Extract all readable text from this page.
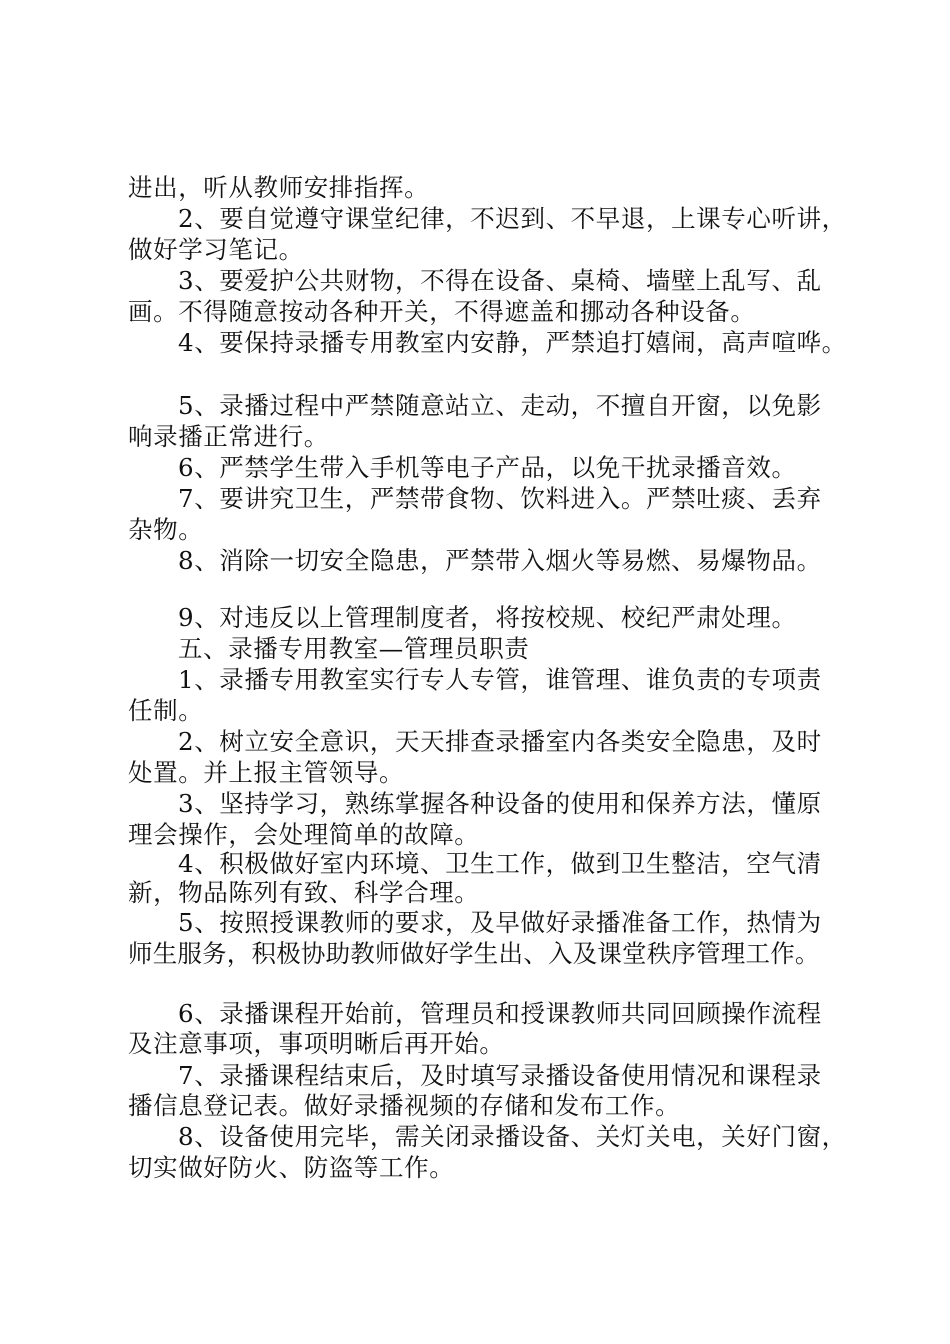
进出，听从教师安排指挥。
2、要自觉遵守课堂纪律，不迟到、不早退，上课专心听讲，
做好学习笔记。
3、要爱护公共财物，不得在设备、桌椅、墙壁上乱写、乱
画。不得随意按动各种开关，不得遮盖和挪动各种设备。
4、要保持录播专用教室内安静，严禁追打嬉闹，高声喧哗。
5、录播过程中严禁随意站立、走动，不擅自开窗，以免影
响录播正常进行。
6、严禁学生带入手机等电子产品，以免干扰录播音效。
7、要讲究卫生，严禁带食物、饮料进入。严禁吐痰、丢弃
杂物。
8、消除一切安全隐患，严禁带入烟火等易燃、易爆物品。
9、对违反以上管理制度者，将按校规、校纪严肃处理。
五、录播专用教室—管理员职责
1、录播专用教室实行专人专管，谁管理、谁负责的专项责
任制。
2、树立安全意识，天天排查录播室内各类安全隐患，及时
处置。并上报主管领导。
3、坚持学习，熟练掌握各种设备的使用和保养方法，懂原
理会操作，会处理简单的故障。
4、积极做好室内环境、卫生工作，做到卫生整洁，空气清
新，物品陈列有致、科学合理。
5、按照授课教师的要求，及早做好录播准备工作，热情为
师生服务，积极协助教师做好学生出、入及课堂秩序管理工作。
6、录播课程开始前，管理员和授课教师共同回顾操作流程
及注意事项，事项明晰后再开始。
7、录播课程结束后，及时填写录播设备使用情况和课程录
播信息登记表。做好录播视频的存储和发布工作。
8、设备使用完毕，需关闭录播设备、关灯关电，关好门窗，
切实做好防火、防盗等工作。
